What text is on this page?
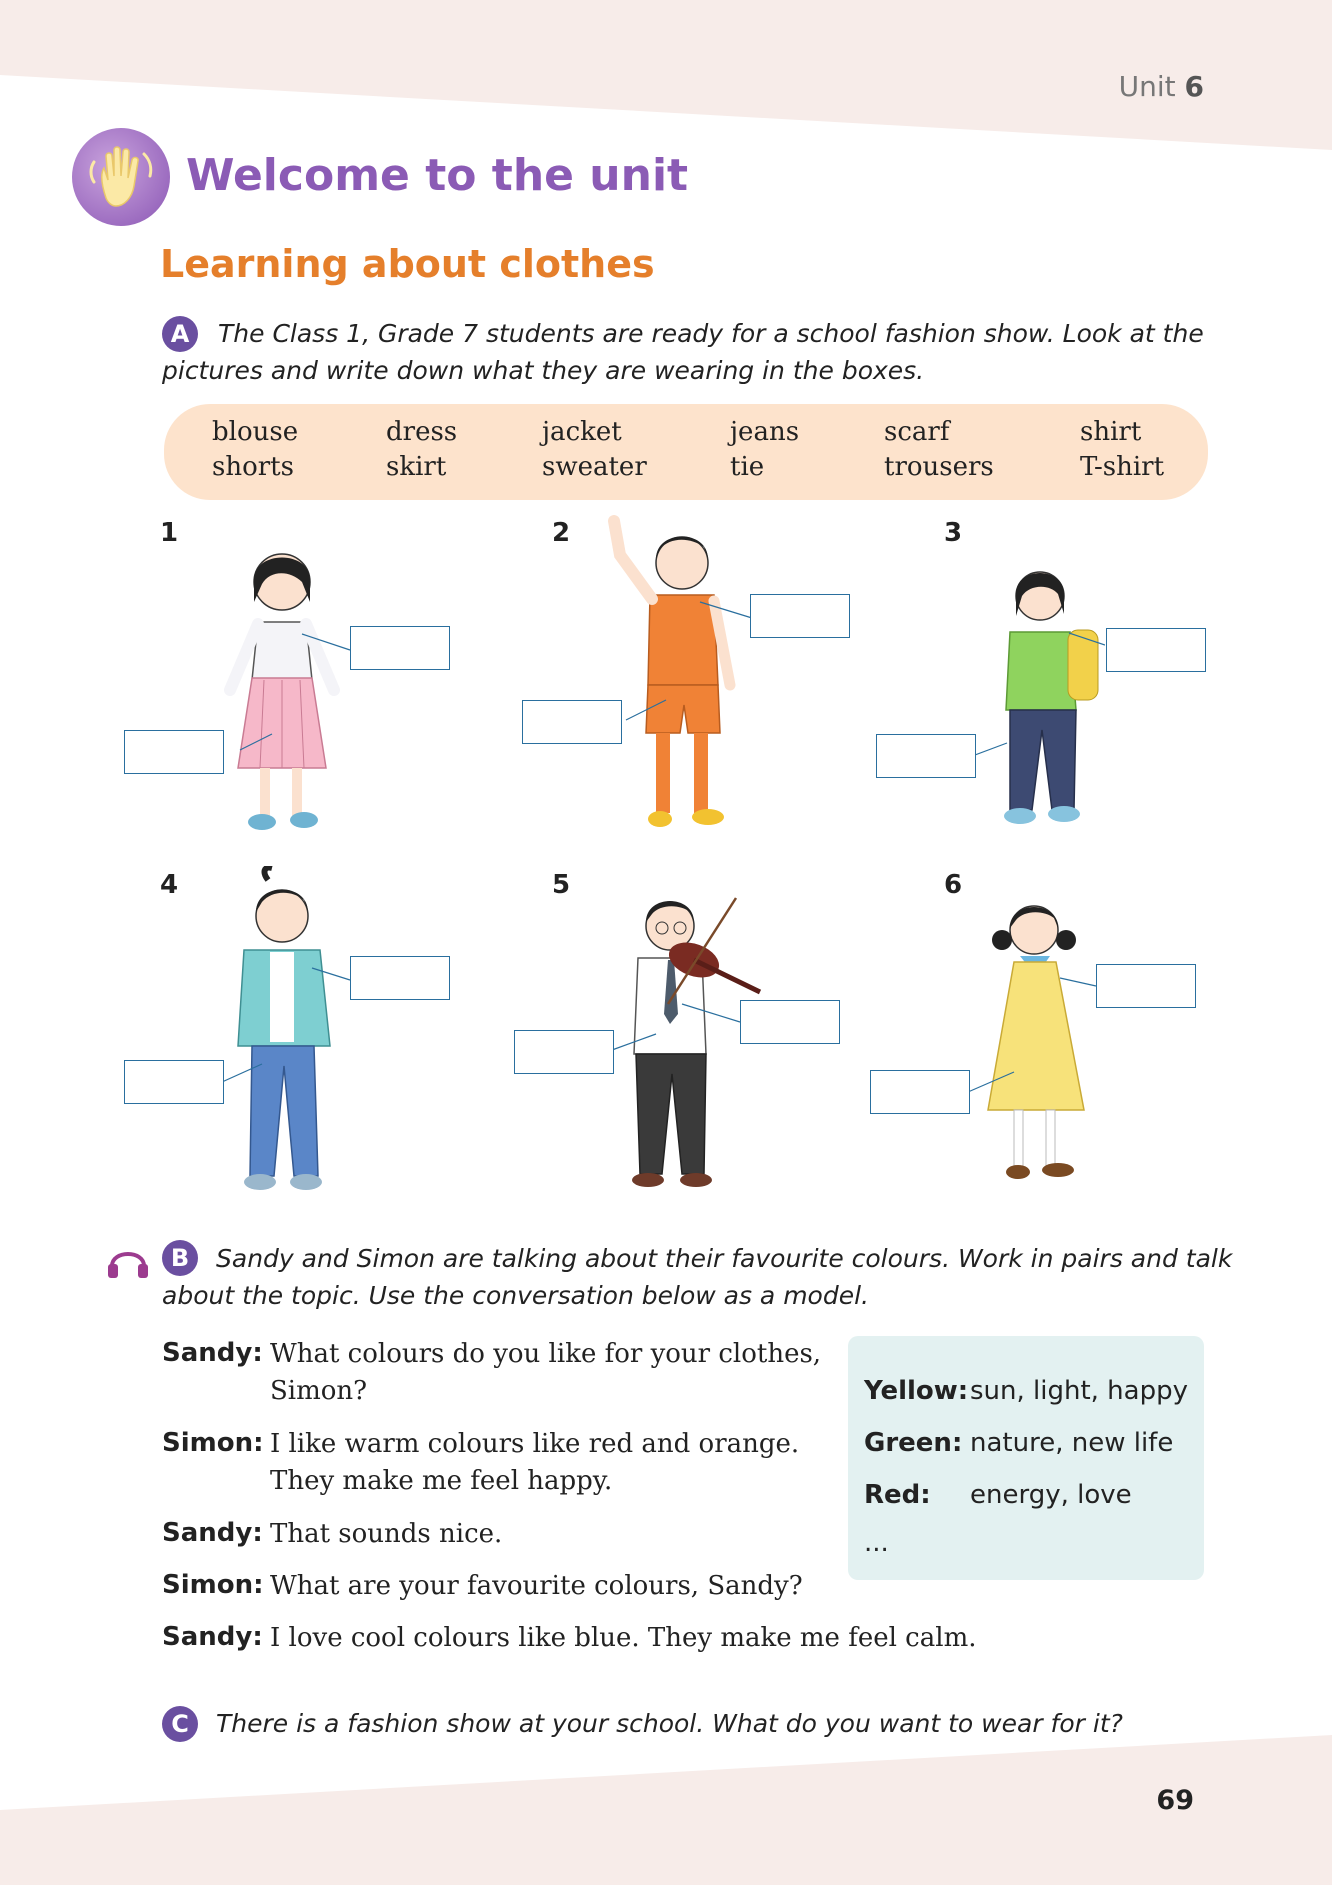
Unit 6
Welcome to the unit
Learning about clothes
A	The Class 1, Grade 7 students are ready for a school fashion show. Look at the
pictures and write down what they are wearing in the boxes.
blouse
shorts
dress
skirt
jacket
sweater
jeans
tie
scarf
trousers
shirt
T-shirt
1	2	3
4	5	6
B	Sandy and Simon are talking about their favourite colours. Work in pairs and talk
about the topic. Use the conversation below as a model.
Sandy: What colours do you like for your clothes,
Simon?
Simon: I like warm colours like red and orange.
They make me feel happy.
Sandy: That sounds nice.
Simon: What are your favourite colours, Sandy?
Sandy: I love cool colours like blue. They make me feel calm.
Yellow: sun, light, happy
Green: nature, new life
Red: energy, love
...
C	There is a fashion show at your school. What do you want to wear for it?
69
